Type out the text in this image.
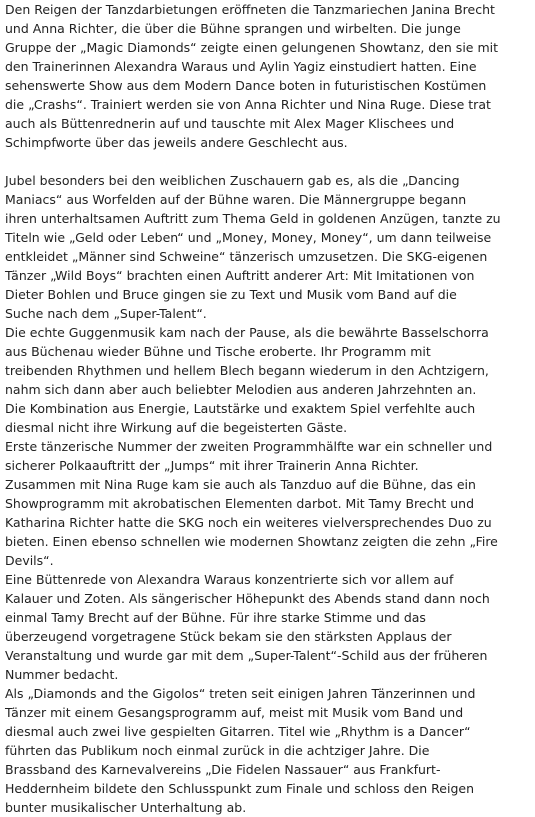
Den Reigen der Tanzdarbietungen eröffneten die Tanzmariechen Janina Brecht
und Anna Richter, die über die Bühne sprangen und wirbelten. Die junge
Gruppe der „Magic Diamonds“ zeigte einen gelungenen Showtanz, den sie mit
den Trainerinnen Alexandra Waraus und Aylin Yagiz einstudiert hatten. Eine
sehenswerte Show aus dem Modern Dance boten in futuristischen Kostümen
die „Crashs“. Trainiert werden sie von Anna Richter und Nina Ruge. Diese trat
auch als Büttenrednerin auf und tauschte mit Alex Mager Klischees und
Schimpfworte über das jeweils andere Geschlecht aus.
Jubel besonders bei den weiblichen Zuschauern gab es, als die „Dancing
Maniacs“ aus Worfelden auf der Bühne waren. Die Männergruppe begann
ihren unterhaltsamen Auftritt zum Thema Geld in goldenen Anzügen, tanzte zu
Titeln wie „Geld oder Leben“ und „Money, Money, Money“, um dann teilweise
entkleidet „Männer sind Schweine“ tänzerisch umzusetzen. Die SKG-eigenen
Tänzer „Wild Boys“ brachten einen Auftritt anderer Art: Mit Imitationen von
Dieter Bohlen und Bruce gingen sie zu Text und Musik vom Band auf die
Suche nach dem „Super-Talent“.
Die echte Guggenmusik kam nach der Pause, als die bewährte Basselschorra
aus Büchenau wieder Bühne und Tische eroberte. Ihr Programm mit
treibenden Rhythmen und hellem Blech begann wiederum in den Achtzigern,
nahm sich dann aber auch beliebter Melodien aus anderen Jahrzehnten an.
Die Kombination aus Energie, Lautstärke und exaktem Spiel verfehlte auch
diesmal nicht ihre Wirkung auf die begeisterten Gäste.
Erste tänzerische Nummer der zweiten Programmhälfte war ein schneller und
sicherer Polkaauftritt der „Jumps“ mit ihrer Trainerin Anna Richter.
Zusammen mit Nina Ruge kam sie auch als Tanzduo auf die Bühne, das ein
Showprogramm mit akrobatischen Elementen darbot. Mit Tamy Brecht und
Katharina Richter hatte die SKG noch ein weiteres vielversprechendes Duo zu
bieten. Einen ebenso schnellen wie modernen Showtanz zeigten die zehn „Fire
Devils“.
Eine Büttenrede von Alexandra Waraus konzentrierte sich vor allem auf
Kalauer und Zoten. Als sängerischer Höhepunkt des Abends stand dann noch
einmal Tamy Brecht auf der Bühne. Für ihre starke Stimme und das
überzeugend vorgetragene Stück bekam sie den stärksten Applaus der
Veranstaltung und wurde gar mit dem „Super-Talent“-Schild aus der früheren
Nummer bedacht.
Als „Diamonds and the Gigolos“ treten seit einigen Jahren Tänzerinnen und
Tänzer mit einem Gesangsprogramm auf, meist mit Musik vom Band und
diesmal auch zwei live gespielten Gitarren. Titel wie „Rhythm is a Dancer“
führten das Publikum noch einmal zurück in die achtziger Jahre. Die
Brassband des Karnevalvereins „Die Fidelen Nassauer“ aus Frankfurt-
Heddernheim bildete den Schlusspunkt zum Finale und schloss den Reigen
bunter musikalischer Unterhaltung ab.
